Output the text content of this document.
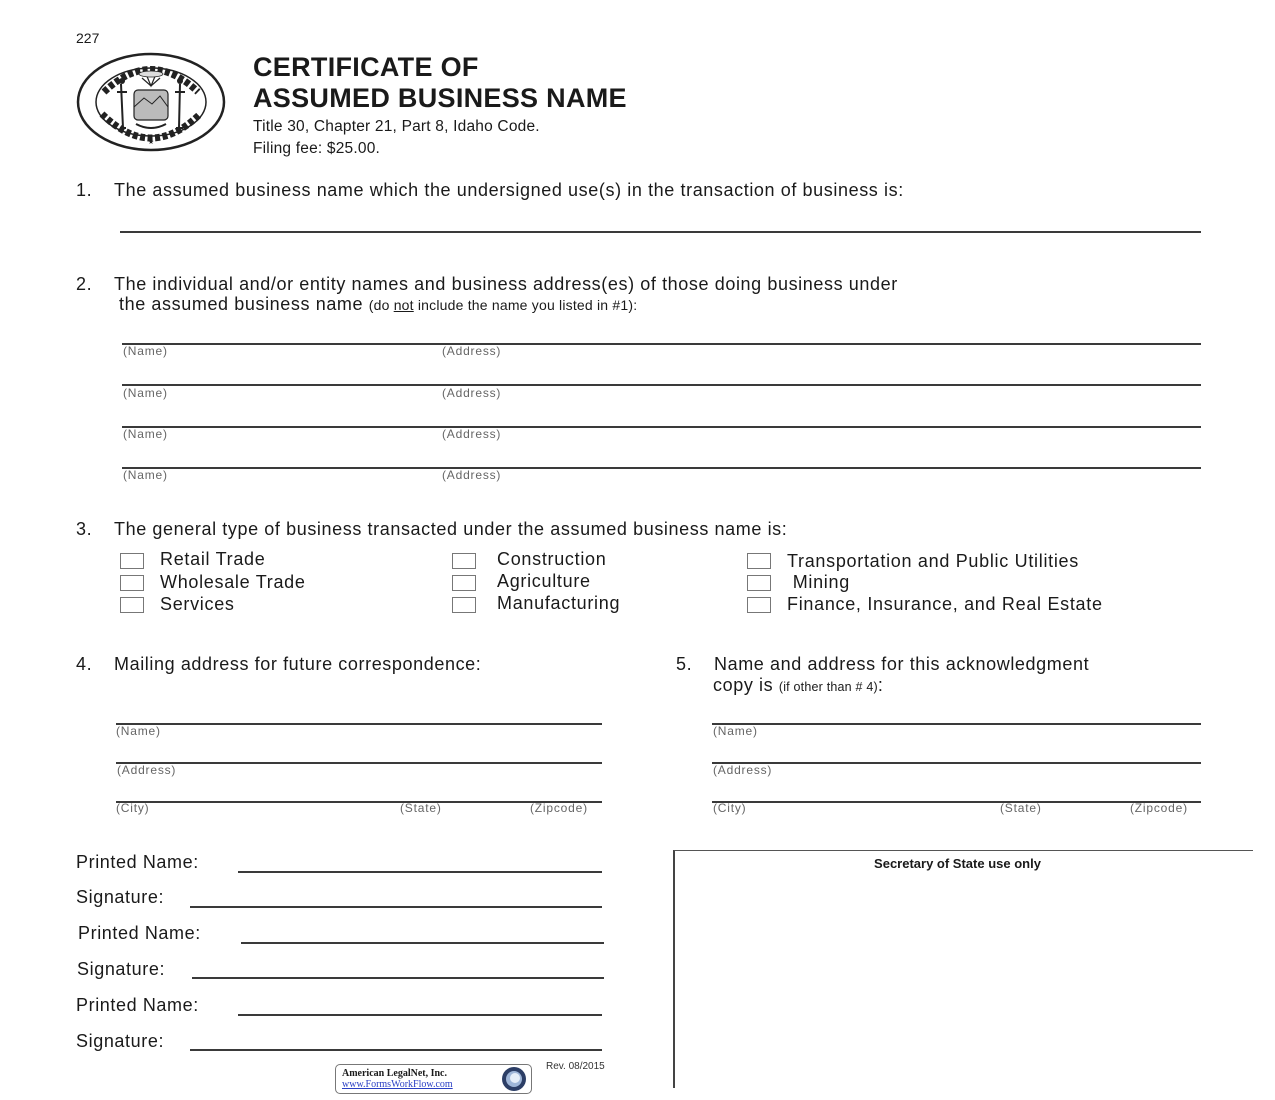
227
★
CERTIFICATE OF
ASSUMED BUSINESS NAME
Title 30, Chapter 21, Part 8, Idaho Code.
Filing fee: $25.00.
1. The assumed business name which the undersigned use(s) in the transaction of business is:
2. The individual and/or entity names and business address(es) of those doing business under
the assumed business name (do not include the name you listed in #1):
(Name)	(Address)
(Name)	(Address)
(Name)	(Address)
(Name)	(Address)
3. The general type of business transacted under the assumed business name is:
Retail Trade
Wholesale Trade
Services
Construction
Agriculture
Manufacturing
Transportation and Public Utilities
Mining
Finance, Insurance, and Real Estate
4. Mailing address for future correspondence:
(Name)
(Address)
(City)	(State)	(Zipcode)
5. Name and address for this acknowledgment
copy is (if other than # 4):
(Name)
(Address)
(City)	(State)	(Zipcode)
Printed Name:
Signature:
Printed Name:
Signature:
Printed Name:
Signature:
Secretary of State use only
American LegalNet, Inc.
www.FormsWorkFlow.com
Rev. 08/2015
